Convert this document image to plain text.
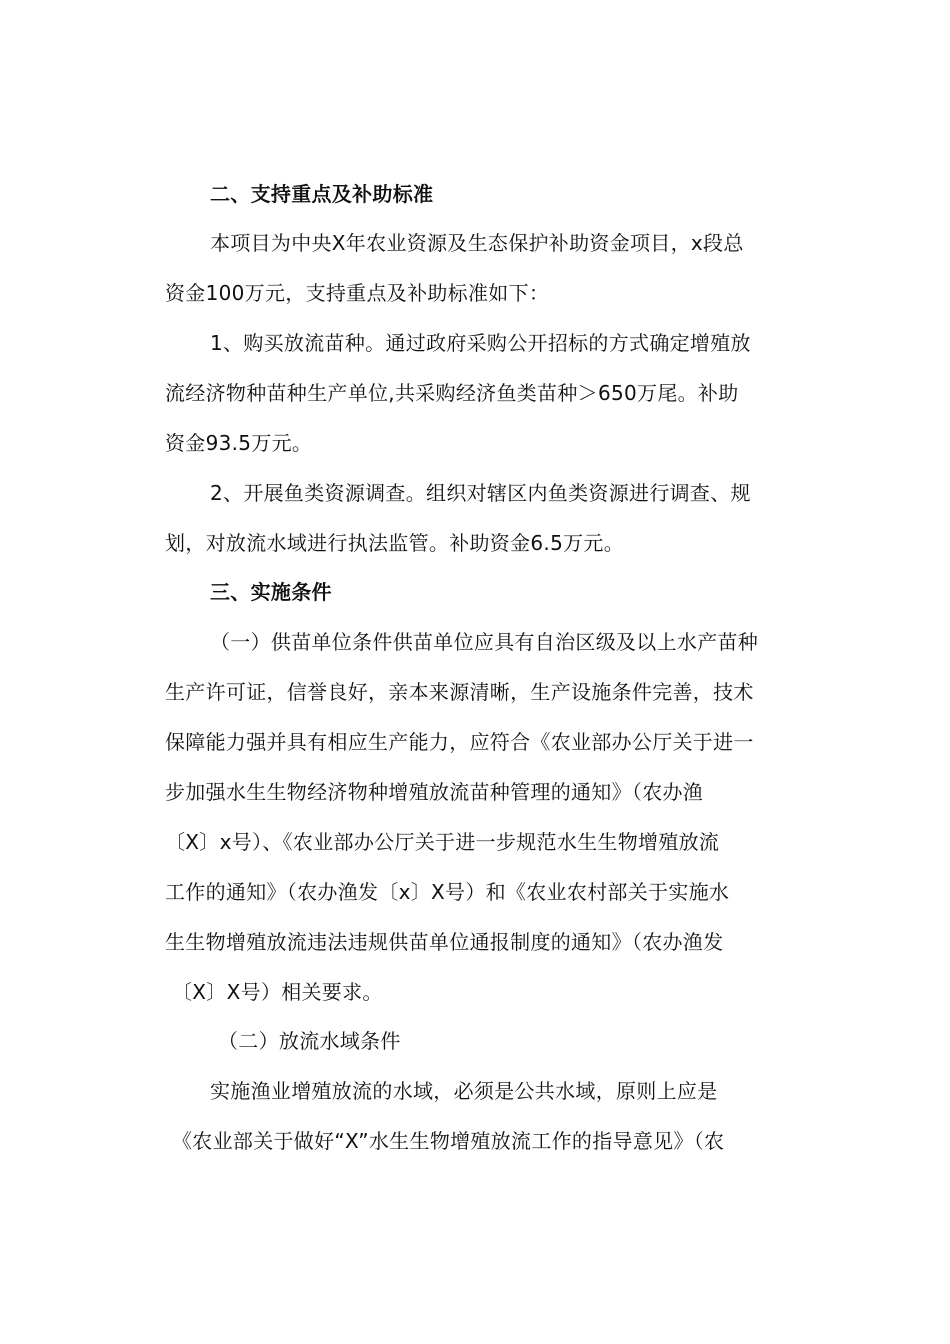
二、支持重点及补助标准
本项目为中央X年农业资源及生态保护补助资金项目，x段总
资金100万元，支持重点及补助标准如下：
1、购买放流苗种。通过政府采购公开招标的方式确定增殖放
流经济物种苗种生产单位,共采购经济鱼类苗种＞650万尾。补助
资金93.5万元。
2、开展鱼类资源调查。组织对辖区内鱼类资源进行调查、规
划，对放流水域进行执法监管。补助资金6.5万元。
三、实施条件
（一）供苗单位条件供苗单位应具有自治区级及以上水产苗种
生产许可证，信誉良好，亲本来源清晰，生产设施条件完善，技术
保障能力强并具有相应生产能力，应符合《农业部办公厅关于进一
步加强水生生物经济物种增殖放流苗种管理的通知》（农办渔
〔X〕x号）、《农业部办公厅关于进一步规范水生生物增殖放流
工作的通知》（农办渔发〔x〕X号）和《农业农村部关于实施水
生生物增殖放流违法违规供苗单位通报制度的通知》（农办渔发
〔X〕X号）相关要求。
（二）放流水域条件
实施渔业增殖放流的水域，必须是公共水域，原则上应是
《农业部关于做好“X”水生生物增殖放流工作的指导意见》（农
